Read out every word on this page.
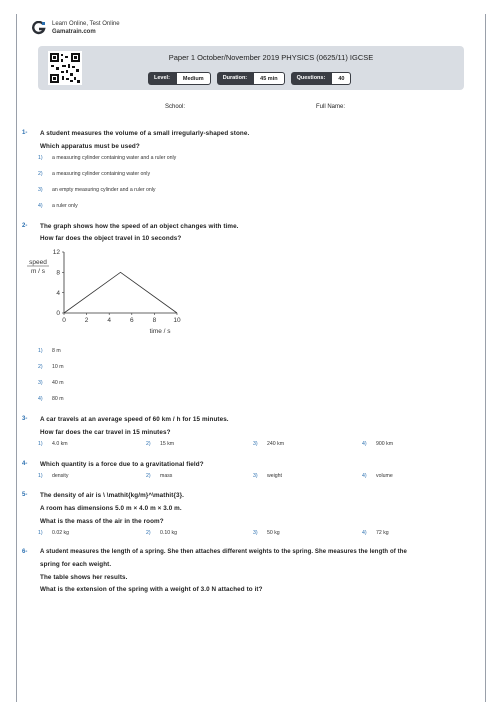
Learn Online, Test Online
Gamatrain.com
Paper 1 October/November 2019 PHYSICS (0625/11) IGCSE
Level:	Medium	Duration:	45 min	Questions:	40
School:	Full Name:
1- A student measures the volume of a small irregularly-shaped stone.
Which apparatus must be used?
1) a measuring cylinder containing water and a ruler only
2) a measuring cylinder containing water only
3) an empty measuring cylinder and a ruler only
4) a ruler only
2- The graph shows how the speed of an object changes with time.
How far does the object travel in 10 seconds?
0	2	4	6	8	10
0
4
8
12
speed
m / s
time / s
1) 8 m
2) 10 m
3) 40 m
4) 80 m
3- A car travels at an average speed of 60 km / h for 15 minutes.
How far does the car travel in 15 minutes?
1) 4.0 km	2) 15 km	3) 240 km	4) 900 km
4- Which quantity is a force due to a gravitational field?
1) density	2) mass	3) weight	4) volume
5- The density of air is \ \mathit{kg/m}^\mathit{3}.
A room has dimensions 5.0 m × 4.0 m × 3.0 m.
What is the mass of the air in the room?
1) 0.02 kg	2) 0.10 kg	3) 50 kg	4) 72 kg
6- A student measures the length of a spring. She then attaches different weights to the spring. She measures the length of the
spring for each weight.
The table shows her results.
What is the extension of the spring with a weight of 3.0 N attached to it?
